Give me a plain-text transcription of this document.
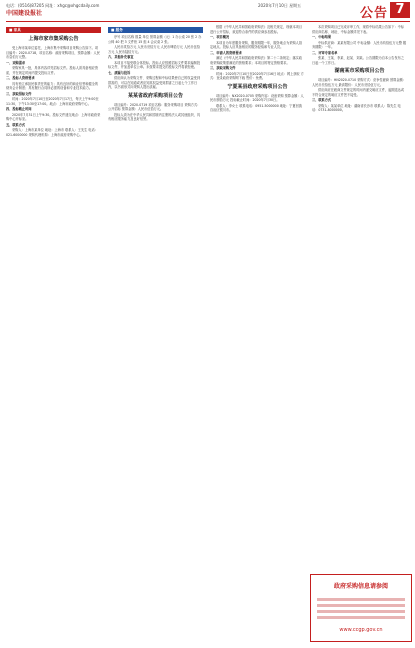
电话：(0516)87205 网址：xhgc@xhgcdaily.com	2020年7月10日 星期五
中国建设报社	公告 7
■ 家具
上海市家市集采购公告

受上海市某单位委托，上海市集中采购项目采购公告如下。项目编号：2020-0718，项目名称：政府采购项目，预算金额：人民币壹佰万元整。

一、采购需求

采购家具一批，具体内容详见招标文件。投标人须具备相应资质，并在规定时间内提交投标文件。

二、投标人资格要求

具有独立承担民事责任的能力；具有良好的商业信誉和健全的财务会计制度；具有履行合同所必需的设备和专业技术能力。

三、获取招标文件

时间：2020年7月10日至2020年7月17日，每天上午9:00至11:30，下午13:30至17:00。地点：上海市政府采购中心。

四、投标截止时间

2020年7月31日上午9:30。投标文件递交地点：上海市政府采购中心开标室。

五、联系方式

采购人：上海市某单位 地址：上海市 联系人：王先生 电话：021-6000000 采购代理机构：上海市政府采购中心。

■ 服务

序号 项目名称 数量 单位 预算金额（元）1 办公桌 20 张 2 办公椅 40 把 3 文件柜 15 组 4 会议桌 2 张。

人民币贰拾万元 人民币叁拾万元 人民币肆拾万元 人民币伍拾万元 人民币陆拾万元。

六、其他补充事宜

本项目不接受联合体投标。投标人应按照招标文件要求编制投标文件，并加盖单位公章。未按要求提交的投标文件将被拒绝。

七、质疑与投诉

供应商认为采购文件、采购过程和中标结果使自己的权益受到损害的，可以在知道或者应知其权益受到损害之日起七个工作日内，以书面形式向采购人提出质疑。

某某省政府采购项目公告

项目编号：2020-0719 项目名称：服务采购项目 采购方式：公开招标 预算金额：人民币伍拾万元。

投标人须为在中华人民共和国境内注册的法人或其他组织，具有相应服务能力及良好信誉。

根据《中华人民共和国政府采购法》及相关规定，现就本项目进行公开招标，欢迎符合条件的供应商参加投标。

一、项目概况

本项目为年度服务采购，服务期限一年，服务地点为采购人指定地点。投标人应具备相应的服务经验和专业人员。

二、申请人的资格要求

满足《中华人民共和国政府采购法》第二十二条规定；落实政府采购政策需满足的资格要求；本项目的特定资格要求。

三、获取采购文件

时间：2020年7月10日至2020年7月16日 地点：网上获取 方式：登录政府采购网下载 售价：免费。

宁夏某县政府采购项目公告

项目编号：NX2020-0705 采购内容：设备采购 预算金额：人民币捌拾万元 投标截止时间：2020年7月30日。

联系人：李女士 联系电话：0951-5000000 地址：宁夏回族自治区银川市。

本次采购项目已完成评审工作，现将中标结果公告如下：中标供应商名称、地址、中标金额详见下表。

一、中标结果

中标供应商：某某有限公司 中标金额：人民币玖拾伍万元整 服务期限：一年。

二、评审专家名单

张某、王某、李某、赵某、刘某。公告期限为自本公告发布之日起一个工作日。

湖南某市采购项目公告

项目编号：HN2020-0710 采购方式：竞争性磋商 预算金额：人民币叁拾伍万元 最高限价：人民币叁拾伍万元。

供应商应在磋商文件规定的时间内递交响应文件，逾期送达或不符合规定的响应文件恕不接受。

三、联系方式

采购人：某某单位 地址：湖南省长沙市 联系人：陈先生 电话：0731-8000000。

政府采购信息请参阅
www.ccgp.gov.cn
